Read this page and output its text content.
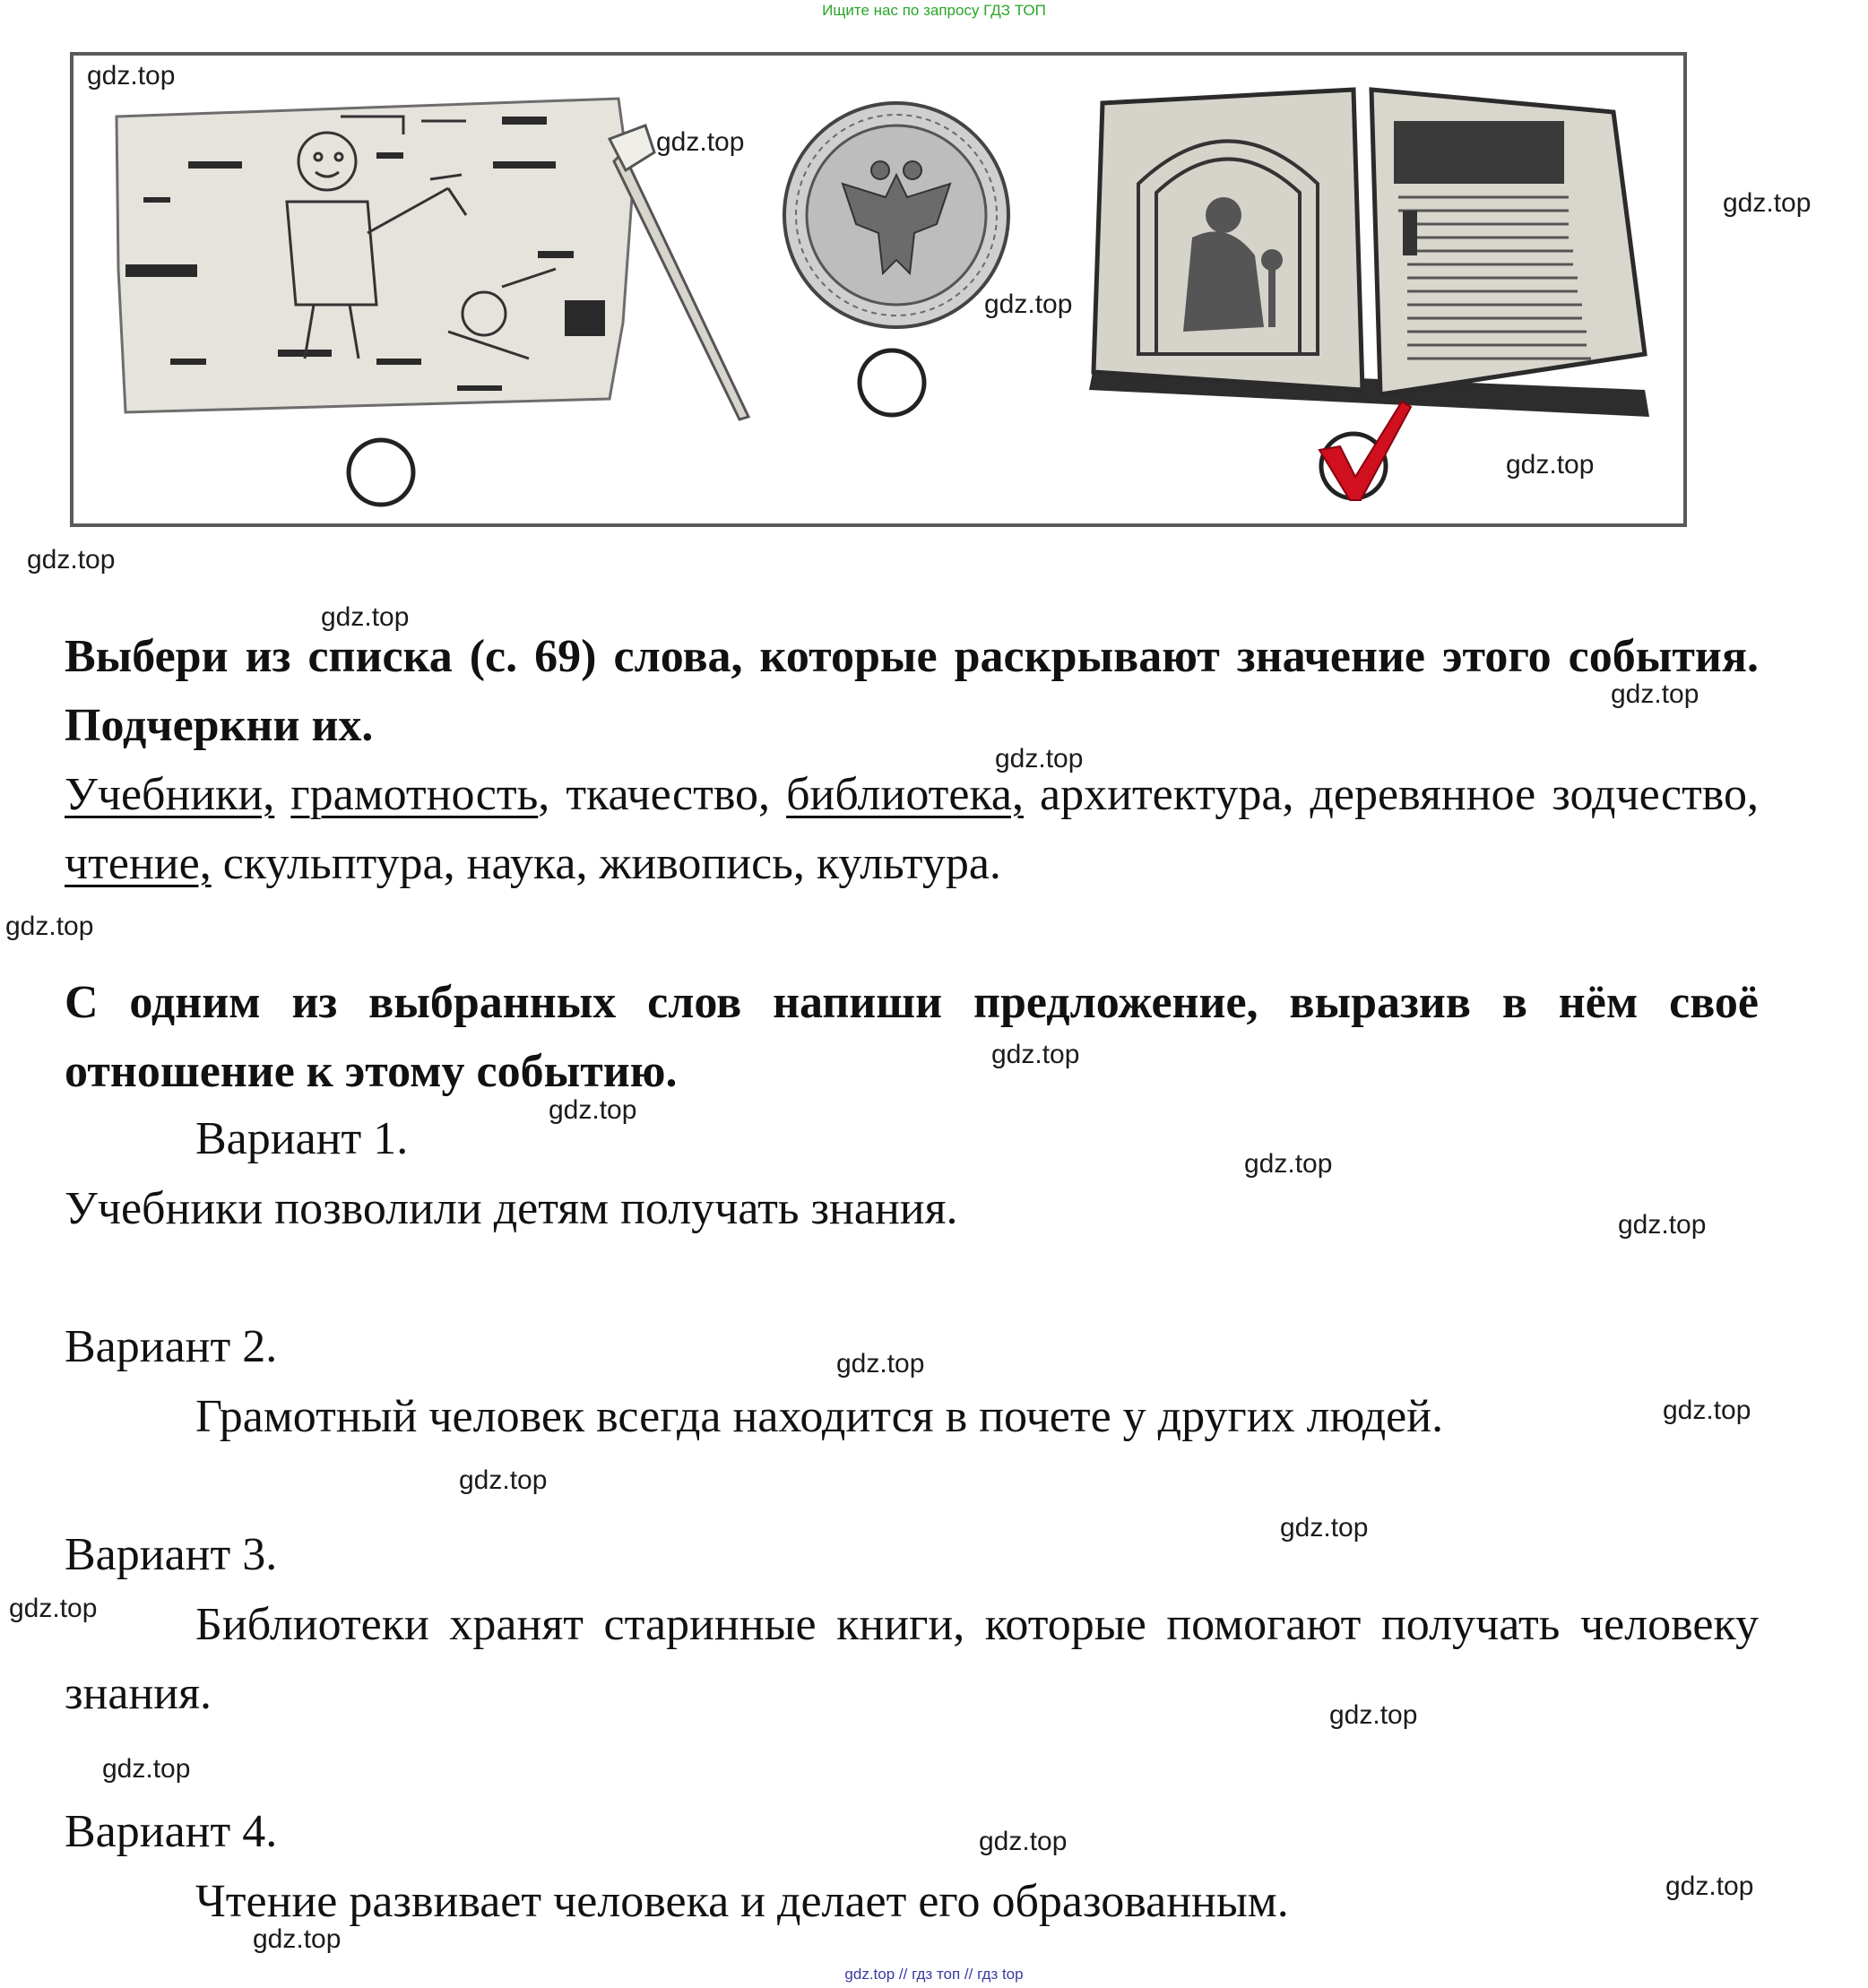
Ищите нас по запросу ГДЗ ТОП
gdz.top
gdz.top
gdz.top
gdz.top
gdz.top
gdz.top
gdz.top
gdz.top
gdz.top
gdz.top
gdz.top
gdz.top
gdz.top
gdz.top
gdz.top
gdz.top
gdz.top
gdz.top
gdz.top
gdz.top
gdz.top
gdz.top
gdz.top
gdz.top
Выбери из списка (с. 69) слова, которые раскрывают значение этого события. Подчеркни их.
Учебники, грамотность, ткачество, библиотека, архитектура, деревянное зодчество, чтение, скульптура, наука, живопись, культура.
С одним из выбранных слов напиши предложение, выразив в нём своё отношение к этому событию.
Вариант 1.
Учебники позволили детям получать знания.
Вариант 2.
Грамотный человек всегда находится в почете у других людей.
Вариант 3.
Библиотеки хранят старинные книги, которые помогают получать человеку знания.
Вариант 4.
Чтение развивает человека и делает его образованным.
gdz.top // гдз топ // гдз top
